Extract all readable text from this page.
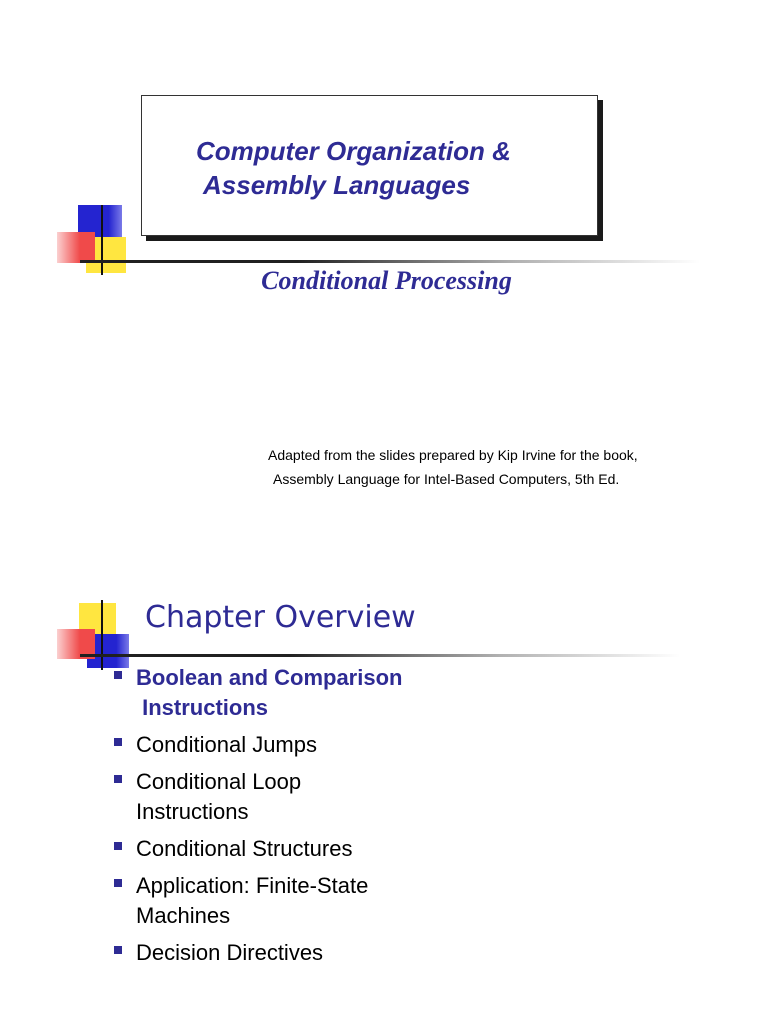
Computer Organization &
Assembly Languages
Conditional Processing
Adapted from the slides prepared by Kip Irvine for the book,
Assembly Language for Intel-Based Computers, 5th Ed.
Chapter Overview
Boolean and Comparison
Instructions
Conditional Jumps
Conditional Loop
Instructions
Conditional Structures
Application: Finite-State
Machines
Decision Directives
